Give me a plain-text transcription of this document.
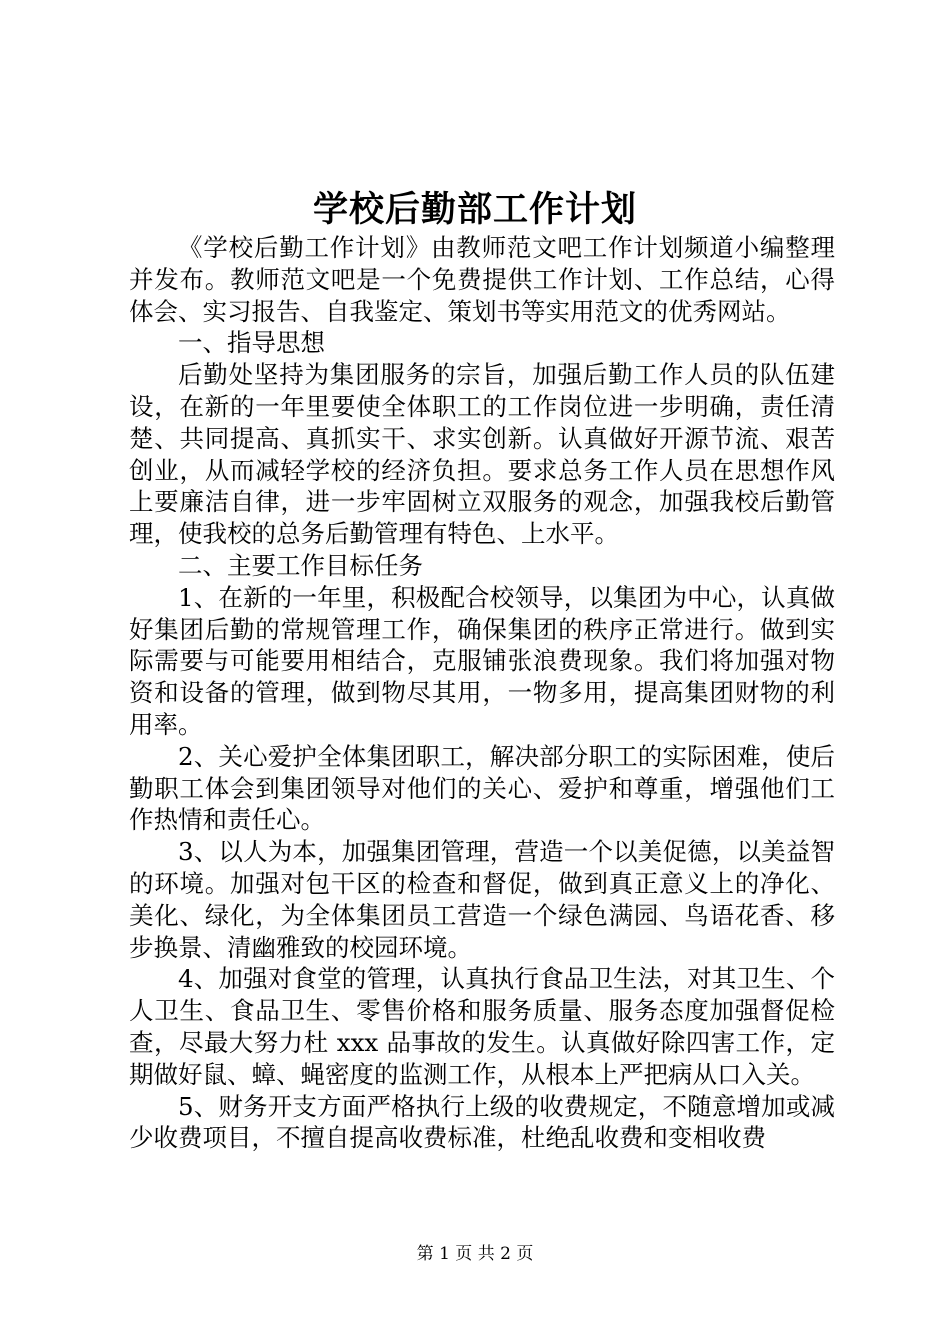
学校后勤部工作计划

《学校后勤工作计划》由教师范文吧工作计划频道小编整理并发布。教师范文吧是一个免费提供工作计划、工作总结，心得体会、实习报告、自我鉴定、策划书等实用范文的优秀网站。

一、指导思想

后勤处坚持为集团服务的宗旨，加强后勤工作人员的队伍建设，在新的一年里要使全体职工的工作岗位进一步明确，责任清楚、共同提高、真抓实干、求实创新。认真做好开源节流、艰苦创业，从而减轻学校的经济负担。要求总务工作人员在思想作风上要廉洁自律，进一步牢固树立双服务的观念，加强我校后勤管理，使我校的总务后勤管理有特色、上水平。

二、主要工作目标任务

1、在新的一年里，积极配合校领导，以集团为中心，认真做好集团后勤的常规管理工作，确保集团的秩序正常进行。做到实际需要与可能要用相结合，克服铺张浪费现象。我们将加强对物资和设备的管理，做到物尽其用，一物多用，提高集团财物的利用率。

2、关心爱护全体集团职工，解决部分职工的实际困难，使后勤职工体会到集团领导对他们的关心、爱护和尊重，增强他们工作热情和责任心。

3、以人为本，加强集团管理，营造一个以美促德，以美益智的环境。加强对包干区的检查和督促，做到真正意义上的净化、美化、绿化，为全体集团员工营造一个绿色满园、鸟语花香、移步换景、清幽雅致的校园环境。

4、加强对食堂的管理，认真执行食品卫生法，对其卫生、个人卫生、食品卫生、零售价格和服务质量、服务态度加强督促检查，尽最大努力杜 xxx 品事故的发生。认真做好除四害工作，定期做好鼠、蟑、蝇密度的监测工作，从根本上严把病从口入关。

5、财务开支方面严格执行上级的收费规定，不随意增加或减少收费项目，不擅自提高收费标准，杜绝乱收费和变相收费

第 1 页 共 2 页
